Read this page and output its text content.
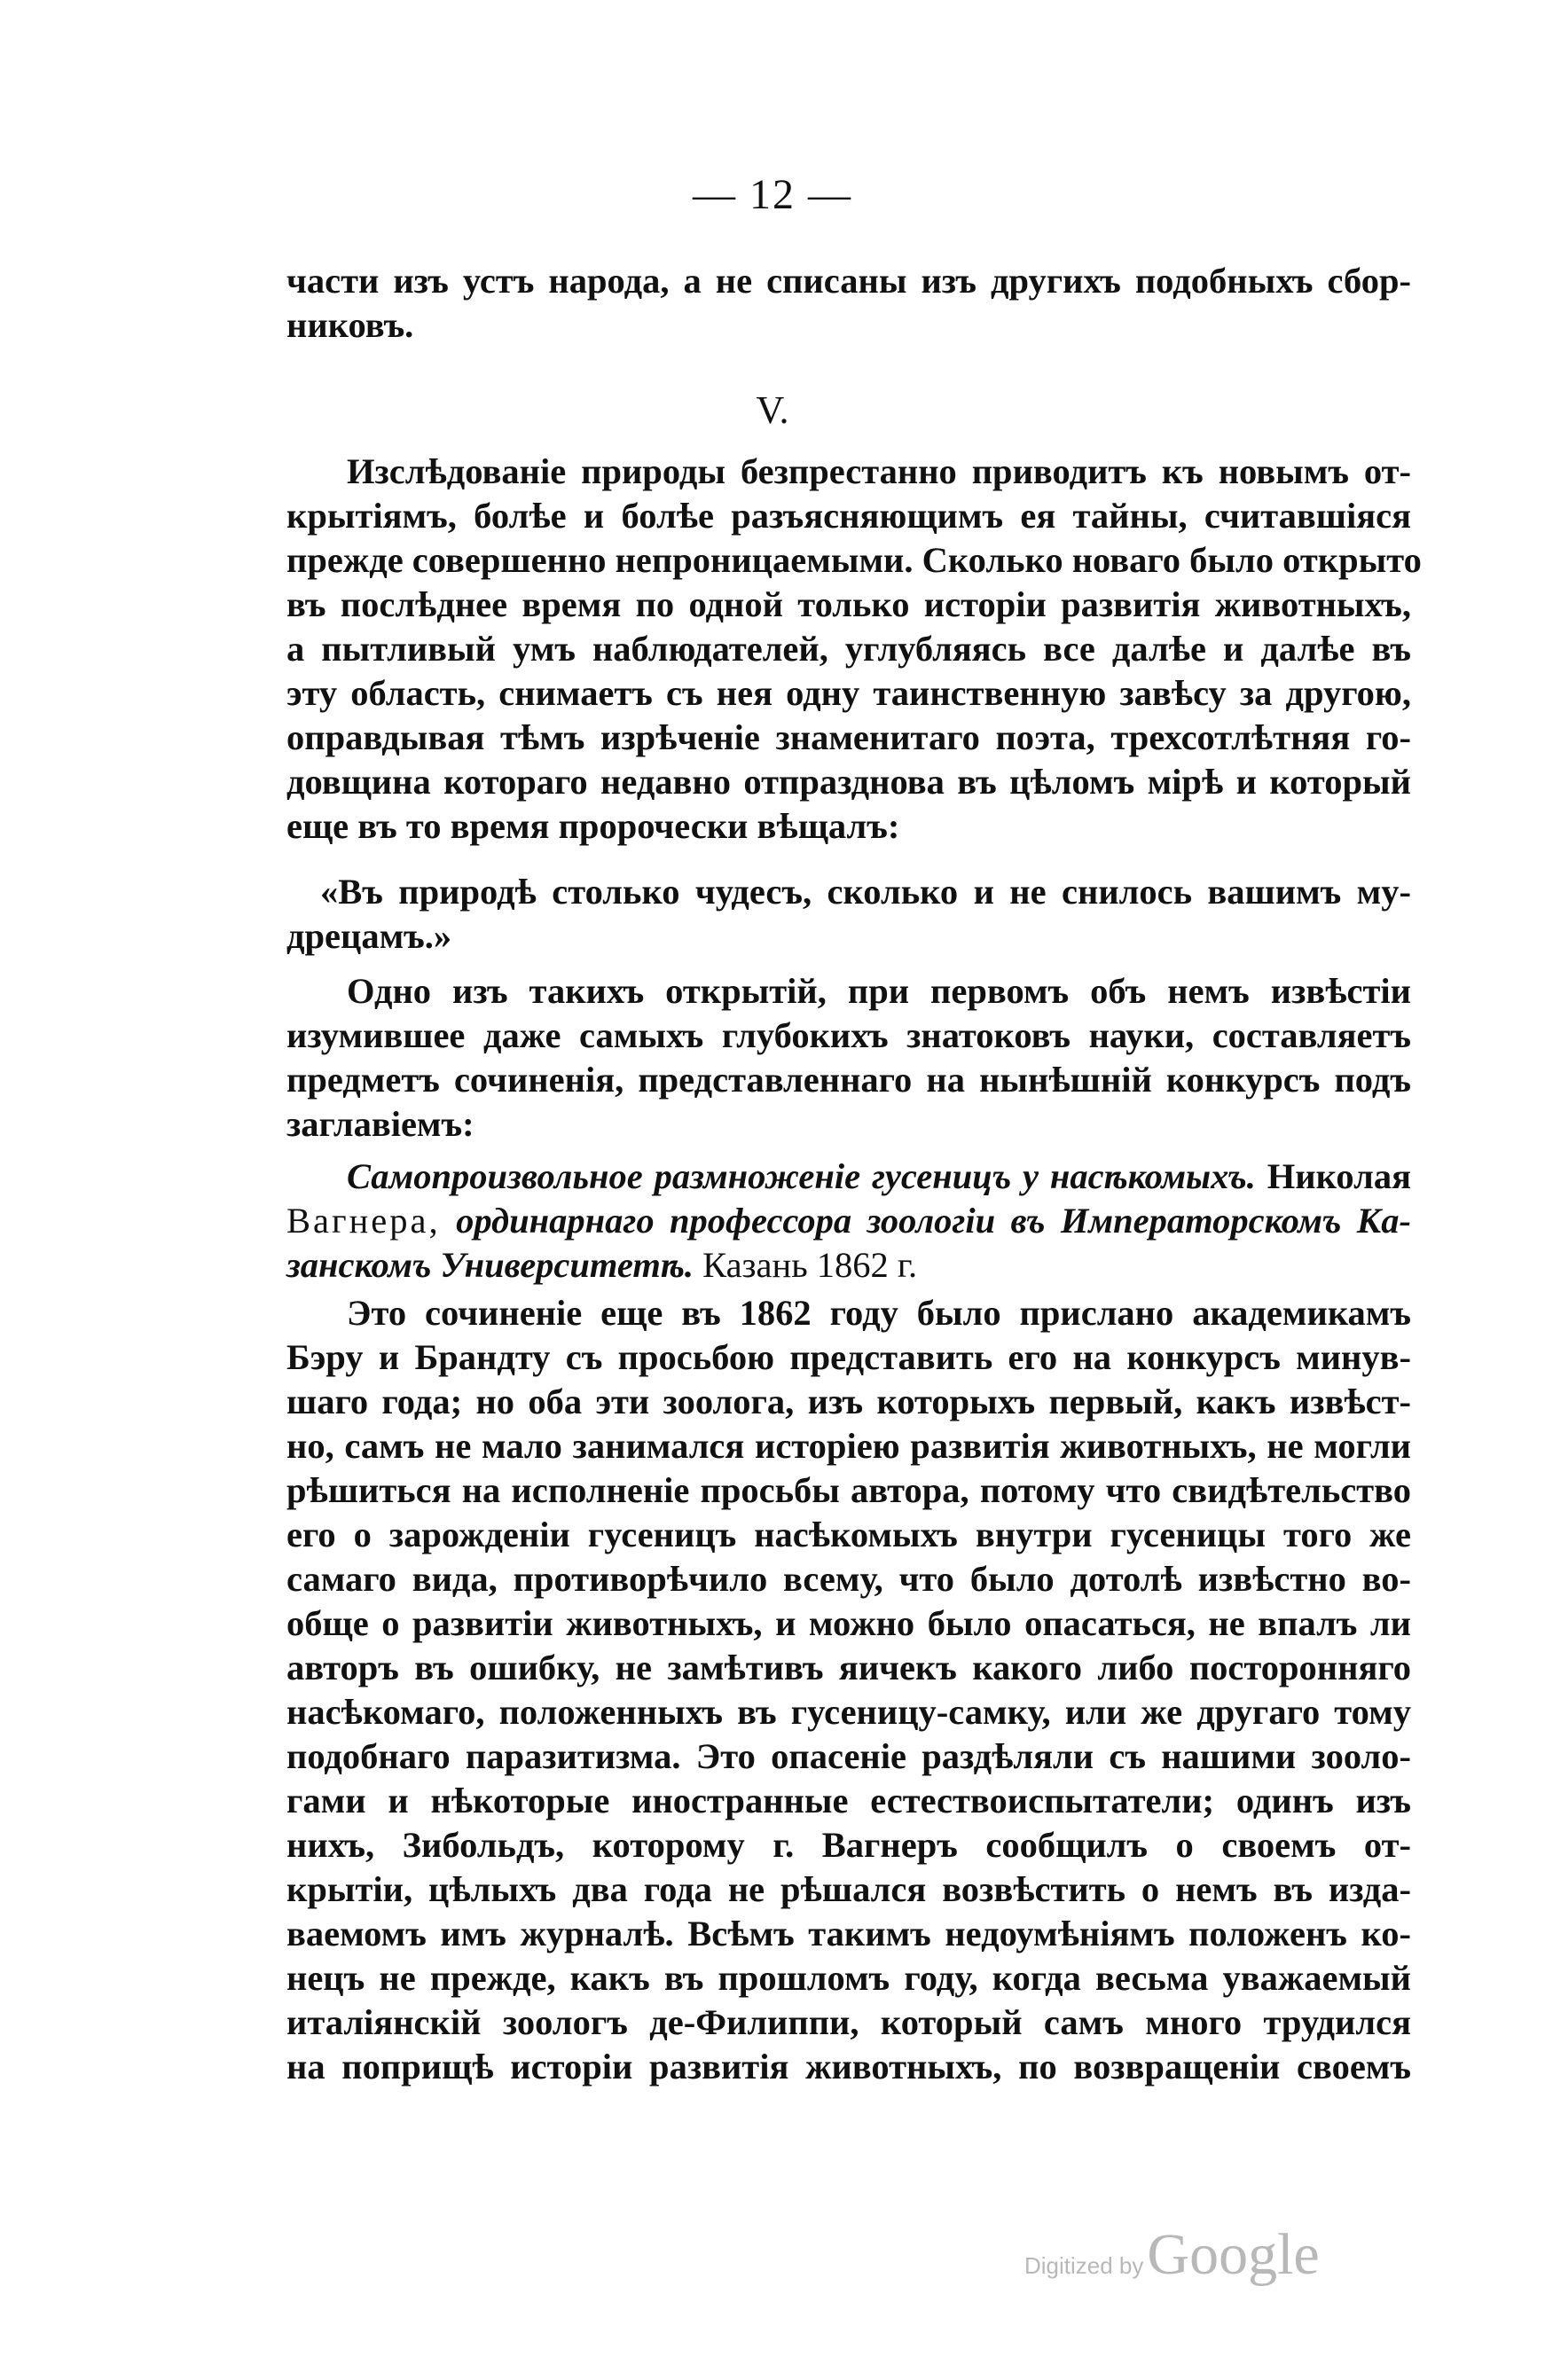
— 12 —
части изъ устъ народа, а не списаны изъ другихъ подобныхъ сбор-
никовъ.
V.
Изслѣдованіе природы безпрестанно приводитъ къ новымъ от-
крытіямъ, болѣе и болѣе разъясняющимъ ея тайны, считавшіяся
прежде совершенно непроницаемыми. Сколько новаго было открыто
въ послѣднее время по одной только исторіи развитія животныхъ,
а пытливый умъ наблюдателей, углубляясь все далѣе и далѣе въ
эту область, снимаетъ съ нея одну таинственную завѣсу за другою,
оправдывая тѣмъ изрѣченіе знаменитаго поэта, трехсотлѣтняя го-
довщина котораго недавно отпразднова въ цѣломъ мірѣ и который
еще въ то время пророчески вѣщалъ:
«Въ природѣ столько чудесъ, сколько и не снилось вашимъ му-
дрецамъ.»
Одно изъ такихъ открытій, при первомъ объ немъ извѣстіи
изумившее даже самыхъ глубокихъ знатоковъ науки, составляетъ
предметъ сочиненія, представленнаго на нынѣшній конкурсъ подъ
заглавіемъ:
Самопроизвольное размноженіе гусеницъ у насѣкомыхъ. Николая
Вагнера, ординарнаго профессора зоологіи въ Императорскомъ Ка-
занскомъ Университетѣ. Казань 1862 г.
Это сочиненіе еще въ 1862 году было прислано академикамъ
Бэру и Брандту съ просьбою представить его на конкурсъ минув-
шаго года; но оба эти зоолога, изъ которыхъ первый, какъ извѣст-
но, самъ не мало занимался исторіею развитія животныхъ, не могли
рѣшиться на исполненіе просьбы автора, потому что свидѣтельство
его о зарожденіи гусеницъ насѣкомыхъ внутри гусеницы того же
самаго вида, противорѣчило всему, что было дотолѣ извѣстно во-
обще о развитіи животныхъ, и можно было опасаться, не впалъ ли
авторъ въ ошибку, не замѣтивъ яичекъ какого либо посторонняго
насѣкомаго, положенныхъ въ гусеницу-самку, или же другаго тому
подобнаго паразитизма. Это опасеніе раздѣляли съ нашими зооло-
гами и нѣкоторые иностранные естествоиспытатели; одинъ изъ
нихъ, Зибольдъ, которому г. Вагнеръ сообщилъ о своемъ от-
крытіи, цѣлыхъ два года не рѣшался возвѣстить о немъ въ изда-
ваемомъ имъ журналѣ. Всѣмъ такимъ недоумѣніямъ положенъ ко-
нецъ не прежде, какъ въ прошломъ году, когда весьма уважаемый
италіянскій зоологъ де-Филиппи, который самъ много трудился
на поприщѣ исторіи развитія животныхъ, по возвращеніи своемъ
Digitized by Google
